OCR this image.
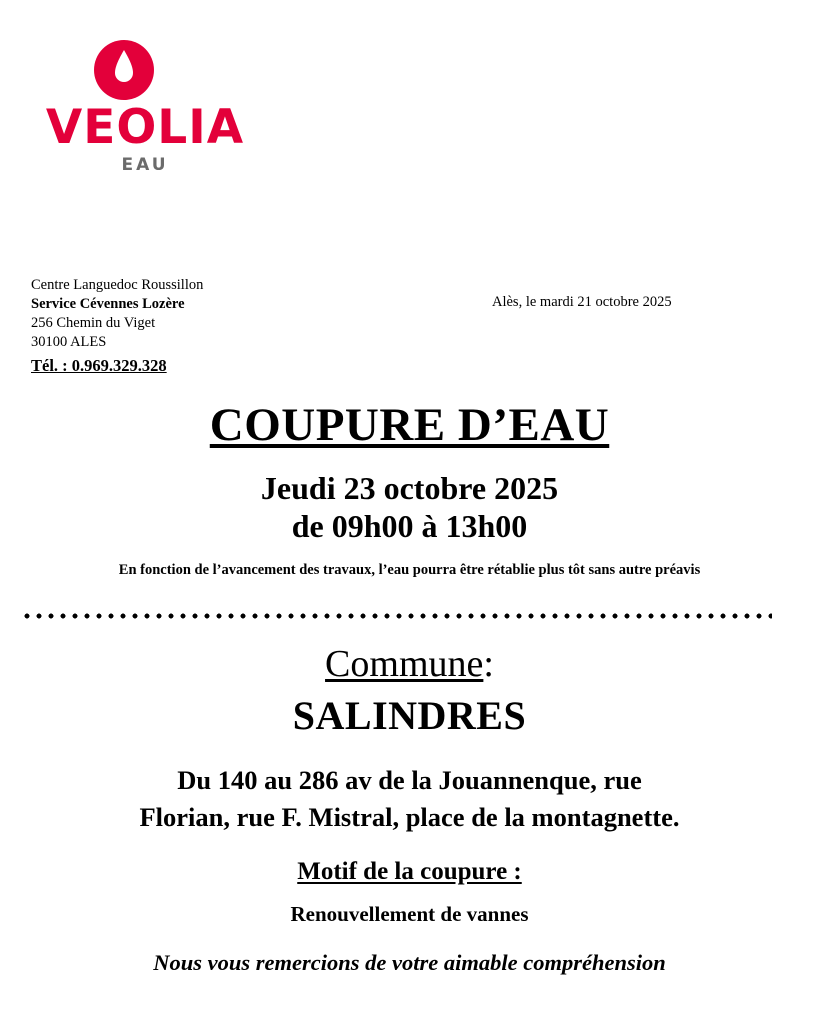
VEOLIA
EAU
Centre Languedoc Roussillon
Service Cévennes Lozère
256 Chemin du Viget
30100 ALES
Tél. : 0.969.329.328
Alès, le mardi 21 octobre 2025
COUPURE D’EAU
Jeudi 23 octobre 2025
de 09h00 à 13h00
En fonction de l’avancement des travaux, l’eau pourra être rétablie plus tôt sans autre préavis
Commune:
SALINDRES
Du 140 au 286 av de la Jouannenque, rue
Florian, rue F. Mistral, place de la montagnette.
Motif de la coupure :
Renouvellement de vannes
Nous vous remercions de votre aimable compréhension
